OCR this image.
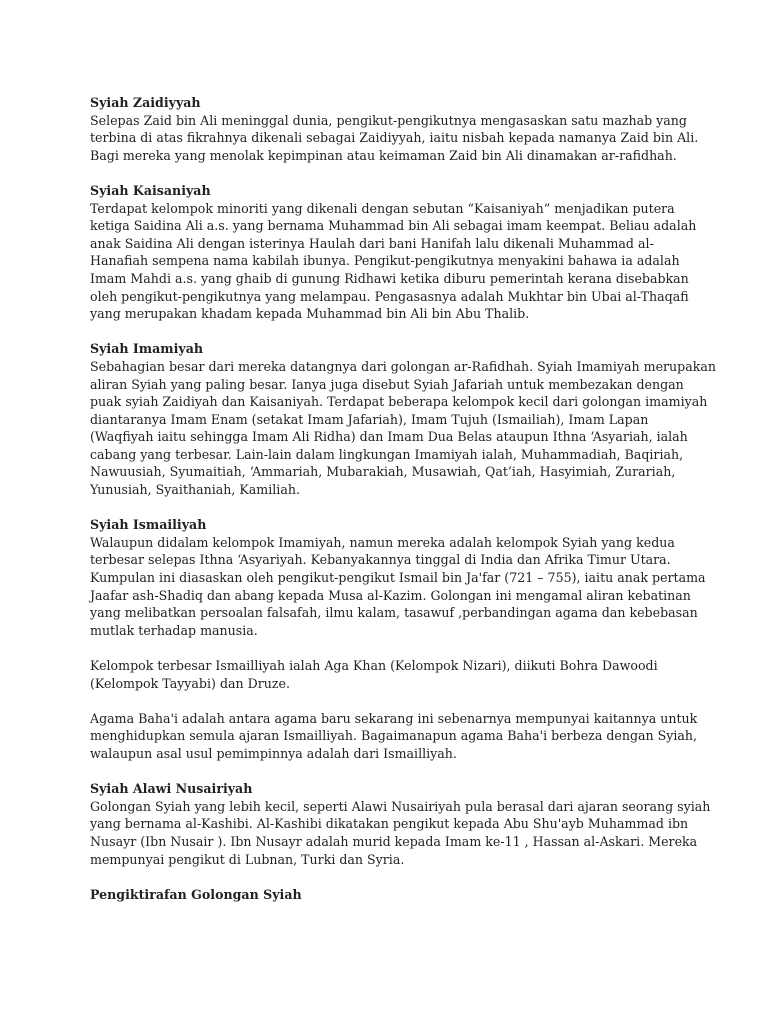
Syiah Zaidiyyah
Selepas Zaid bin Ali meninggal dunia, pengikut-pengikutnya mengasaskan satu mazhab yang
terbina di atas fikrahnya dikenali sebagai Zaidiyyah, iaitu nisbah kepada namanya Zaid bin Ali.
Bagi mereka yang menolak kepimpinan atau keimaman Zaid bin Ali dinamakan ar-rafidhah.
Syiah Kaisaniyah
Terdapat kelompok minoriti yang dikenali dengan sebutan “Kaisaniyah” menjadikan putera
ketiga Saidina Ali a.s. yang bernama Muhammad bin Ali sebagai imam keempat. Beliau adalah
anak Saidina Ali dengan isterinya Haulah dari bani Hanifah lalu dikenali Muhammad al-
Hanafiah sempena nama kabilah ibunya. Pengikut-pengikutnya menyakini bahawa ia adalah
Imam Mahdi a.s. yang ghaib di gunung Ridhawi ketika diburu pemerintah kerana disebabkan
oleh pengikut-pengikutnya yang melampau. Pengasasnya adalah Mukhtar bin Ubai al-Thaqafi
yang merupakan khadam kepada Muhammad bin Ali bin Abu Thalib.
Syiah Imamiyah
Sebahagian besar dari mereka datangnya dari golongan ar-Rafidhah. Syiah Imamiyah merupakan
aliran Syiah yang paling besar. Ianya juga disebut Syiah Jafariah untuk membezakan dengan
puak syiah Zaidiyah dan Kaisaniyah. Terdapat beberapa kelompok kecil dari golongan imamiyah
diantaranya Imam Enam (setakat Imam Jafariah), Imam Tujuh (Ismailiah), Imam Lapan
(Waqfiyah iaitu sehingga Imam Ali Ridha) dan Imam Dua Belas ataupun Ithna ‘Asyariah, ialah
cabang yang terbesar. Lain-lain dalam lingkungan Imamiyah ialah, Muhammadiah, Baqiriah,
Nawuusiah, Syumaitiah, ‘Ammariah, Mubarakiah, Musawiah, Qat’iah, Hasyimiah, Zurariah,
Yunusiah, Syaithaniah, Kamiliah.
Syiah Ismailiyah
Walaupun didalam kelompok Imamiyah, namun mereka adalah kelompok Syiah yang kedua
terbesar selepas Ithna ‘Asyariyah. Kebanyakannya tinggal di India dan Afrika Timur Utara.
Kumpulan ini diasaskan oleh pengikut-pengikut Ismail bin Ja'far (721 – 755), iaitu anak pertama
Jaafar ash-Shadiq dan abang kepada Musa al-Kazim. Golongan ini mengamal aliran kebatinan
yang melibatkan persoalan falsafah, ilmu kalam, tasawuf ,perbandingan agama dan kebebasan
mutlak terhadap manusia.
Kelompok terbesar Ismailliyah ialah Aga Khan (Kelompok Nizari), diikuti Bohra Dawoodi
(Kelompok Tayyabi) dan Druze.
Agama Baha'i adalah antara agama baru sekarang ini sebenarnya mempunyai kaitannya untuk
menghidupkan semula ajaran Ismailliyah. Bagaimanapun agama Baha'i berbeza dengan Syiah,
walaupun asal usul pemimpinnya adalah dari Ismailliyah.
Syiah Alawi Nusairiyah
Golongan Syiah yang lebih kecil, seperti Alawi Nusairiyah pula berasal dari ajaran seorang syiah
yang bernama al-Kashibi. Al-Kashibi dikatakan pengikut kepada Abu Shu'ayb Muhammad ibn
Nusayr (Ibn Nusair ). Ibn Nusayr adalah murid kepada Imam ke-11 , Hassan al-Askari. Mereka
mempunyai pengikut di Lubnan, Turki dan Syria.
Pengiktirafan Golongan Syiah
